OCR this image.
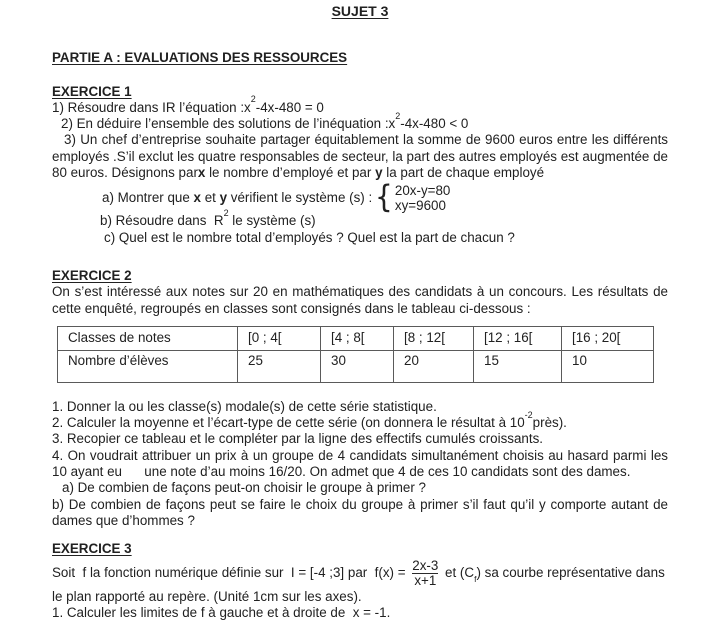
SUJET 3

PARTIE A : EVALUATIONS DES RESSOURCES

EXERCICE 1

1) Résoudre dans IR l’équation $:x^2-4x-480 = 0$

2) En déduire l’ensemble des solutions de l’inéquation $:x^2-4x-480 < 0$

3) Un chef d’entreprise souhaite partager équitablement la somme de 9600 euros entre les différents employés .S’il exclut les quatre responsables de secteur, la part des autres employés est augmentée de 80 euros. Désignons parx le nombre d’employé et par y la part de chaque employé

a) Montrer que x et y vérifient le système (s) : { 20x-y=80
xy=9600

b) Résoudre dans  $R^2$ le système (s)

c) Quel est le nombre total d’employés ? Quel est la part de chacun ?

EXERCICE 2

On s’est intéressé aux notes sur 20 en mathématiques des candidats à un concours. Les résultats de cette enquêté, regroupés en classes sont consignés dans le tableau ci-dessous :

Classes de notes	[0 ; 4[	[4 ; 8[	[8 ; 12[	[12 ; 16[	[16 ; 20[
Nombre d’élèves	25	30	20	15	10

1. Donner la ou les classe(s) modale(s) de cette série statistique.

2. Calculer la moyenne et l’écart-type de cette série (on donnera le résultat à $10^{-2}près$).

3. Recopier ce tableau et le compléter par la ligne des effectifs cumulés croissants.

4. On voudrait attribuer un prix à un groupe de 4 candidats simultanément choisis au hasard parmi les 10 ayant eu      une note d’au moins 16/20. On admet que 4 de ces 10 candidats sont des dames.

a) De combien de façons peut-on choisir le groupe à primer ?

b) De combien de façons peut se faire le choix du groupe à primer s’il faut qu’il y comporte autant de dames que d’hommes ?

EXERCICE 3

Soit  f la fonction numérique définie sur  I = [-4 ;3] par  $f(x) = \frac{2x-3}{x+1}$ et $(C_f)$ sa courbe représentative dans

le plan rapporté au repère. (Unité 1cm sur les axes).

1. Calculer les limites de f à gauche et à droite de  x = -1.
